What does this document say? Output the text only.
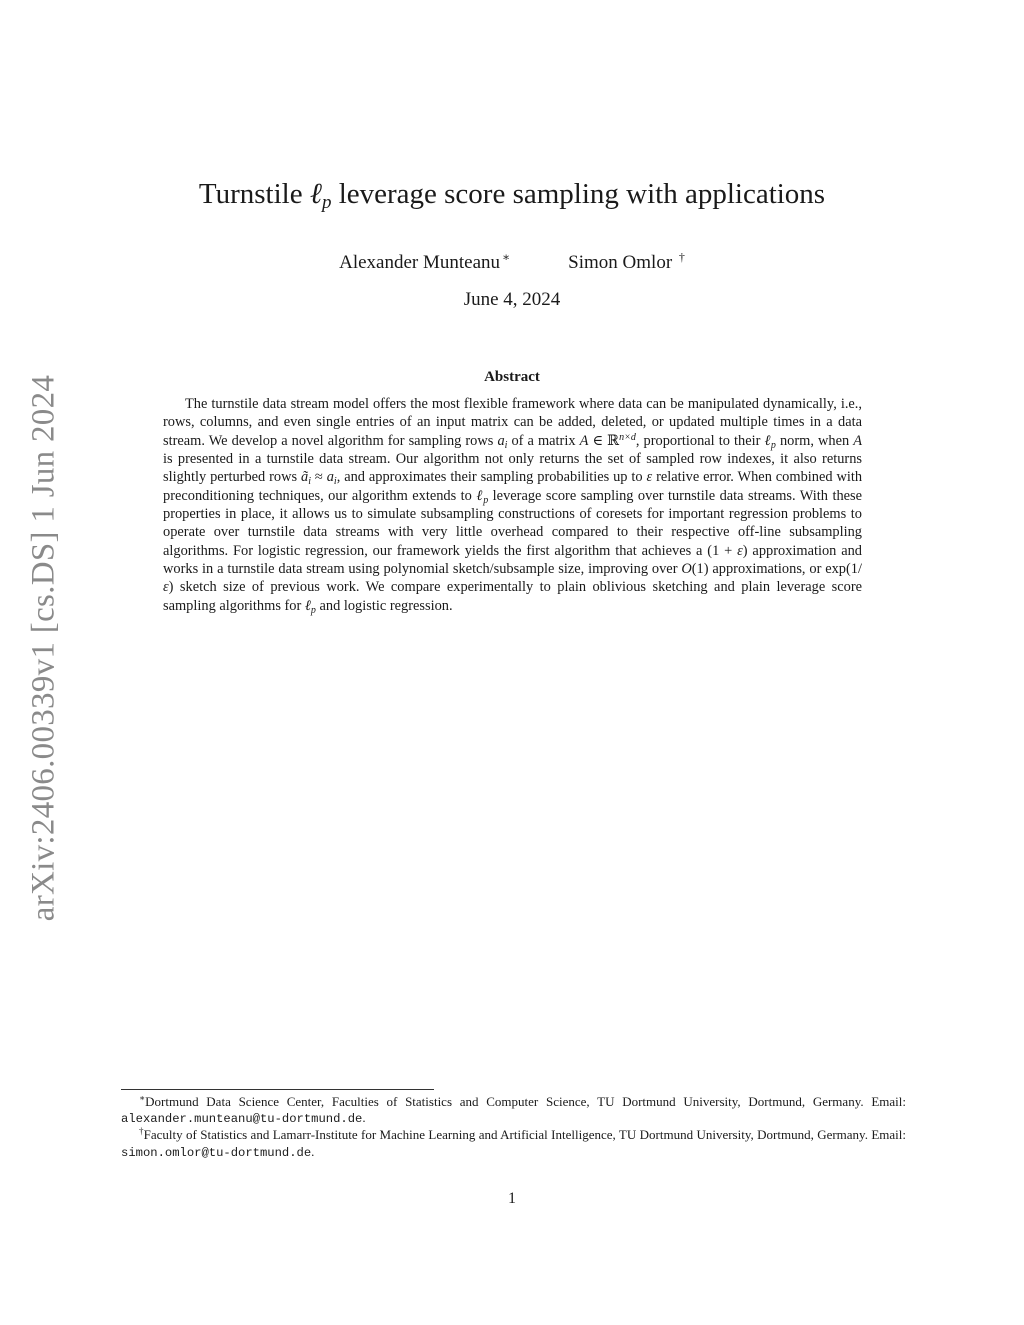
arXiv:2406.00339v1 [cs.DS] 1 Jun 2024
Turnstile ℓ$_p$ leverage score sampling with applications
Alexander Munteanu ∗	Simon Omlor †
June 4, 2024
Abstract

The turnstile data stream model offers the most flexible framework where data can be manipulated dynamically, i.e., rows, columns, and even single entries of an input matrix can be added, deleted, or updated multiple times in a data stream. We develop a novel algorithm for sampling rows $a_i$ of a matrix A ∈ ℝ$^{n\times d}$, proportional to their ℓ$_p$ norm, when A is presented in a turnstile data stream. Our algorithm not only returns the set of sampled row indexes, it also returns slightly perturbed rows $ã_i \approx a_i$, and approximates their sampling probabilities up to ε relative error. When combined with preconditioning techniques, our algorithm extends to ℓ$_p$ leverage score sampling over turnstile data streams. With these properties in place, it allows us to simulate subsampling constructions of coresets for important regression problems to operate over turnstile data streams with very little overhead compared to their respective off-line subsampling algorithms. For logistic regression, our framework yields the first algorithm that achieves a (1 + ε) approximation and works in a turnstile data stream using polynomial sketch/subsample size, improving over O(1) approximations, or exp(1/ε) sketch size of previous work. We compare experimentally to plain oblivious sketching and plain leverage score sampling algorithms for ℓ$_p$ and logistic regression.

∗Dortmund Data Science Center, Faculties of Statistics and Computer Science, TU Dortmund University, Dortmund, Germany. Email: alexander.munteanu@tu-dortmund.de.

†Faculty of Statistics and Lamarr-Institute for Machine Learning and Artificial Intelligence, TU Dortmund University, Dortmund, Germany. Email: simon.omlor@tu-dortmund.de.

1
